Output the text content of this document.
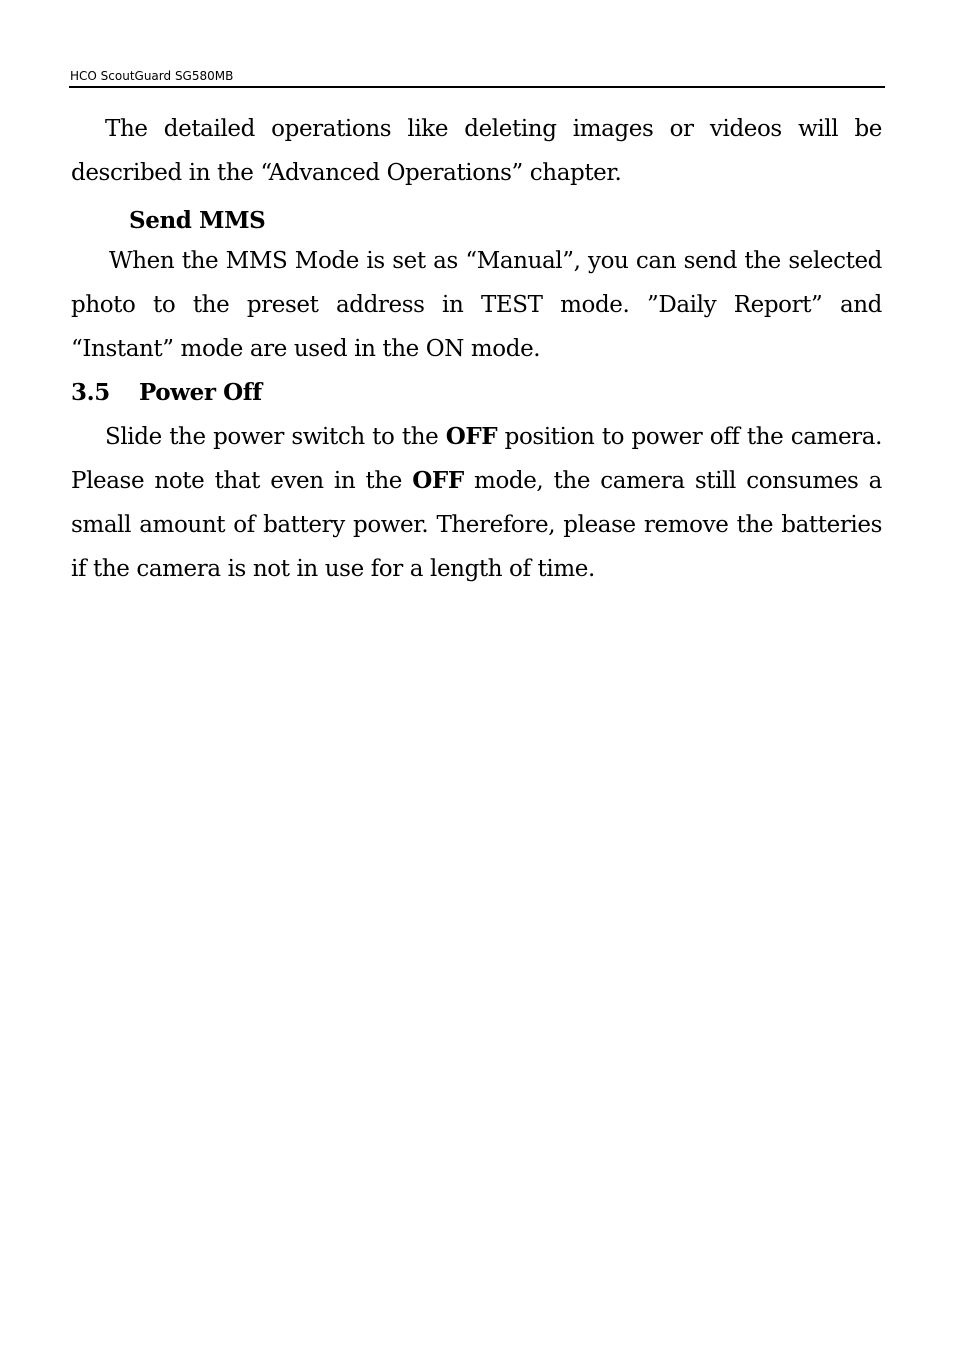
HCO ScoutGuard SG580MB

The detailed operations like deleting images or videos will be described in the “Advanced Operations” chapter.

Send MMS

When the MMS Mode is set as “Manual”, you can send the selected photo to the preset address in TEST mode. ”Daily Report” and “Instant” mode are used in the ON mode.

3.5 Power Off

Slide the power switch to the OFF position to power off the camera. Please note that even in the OFF mode, the camera still consumes a small amount of battery power. Therefore, please remove the batteries if the camera is not in use for a length of time.
